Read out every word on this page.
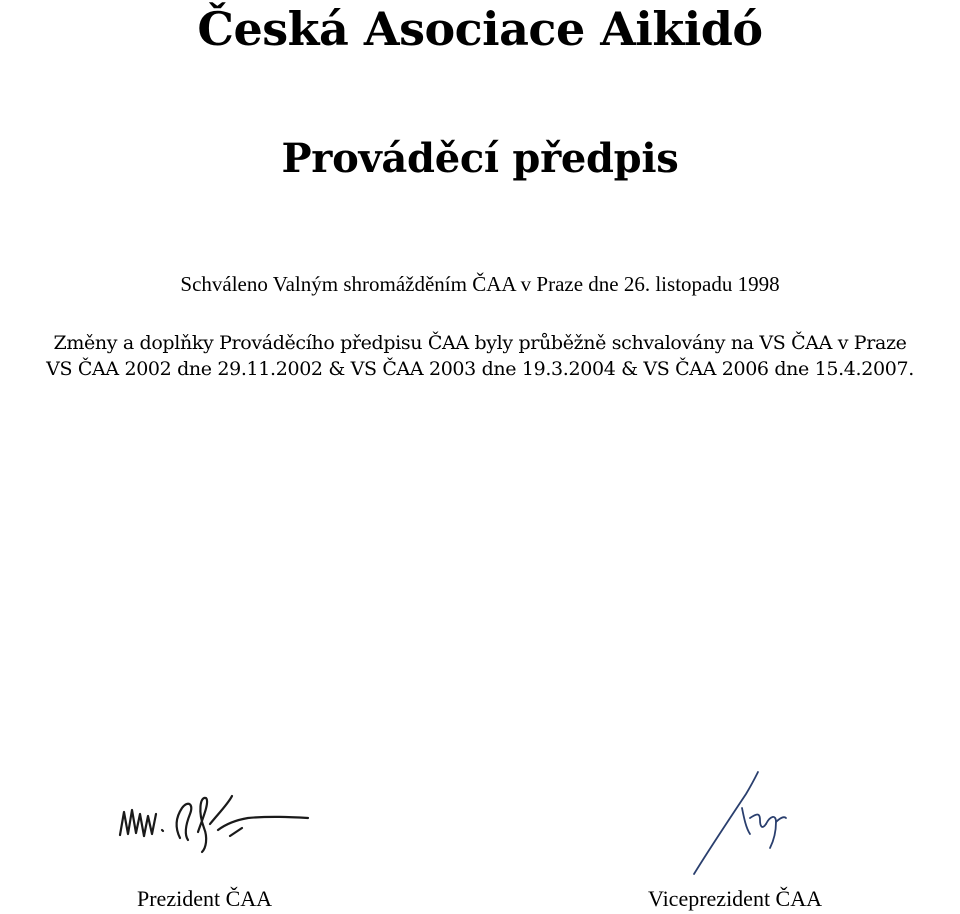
Česká Asociace Aikidó
Prováděcí předpis
Schváleno Valným shromážděním ČAA v Praze dne 26. listopadu 1998
Změny a doplňky Prováděcího předpisu ČAA byly průběžně schvalovány na VS ČAA v Praze
VS ČAA 2002 dne 29.11.2002 & VS ČAA 2003 dne 19.3.2004 & VS ČAA 2006 dne 15.4.2007.
Prezident ČAA	Viceprezident ČAA
